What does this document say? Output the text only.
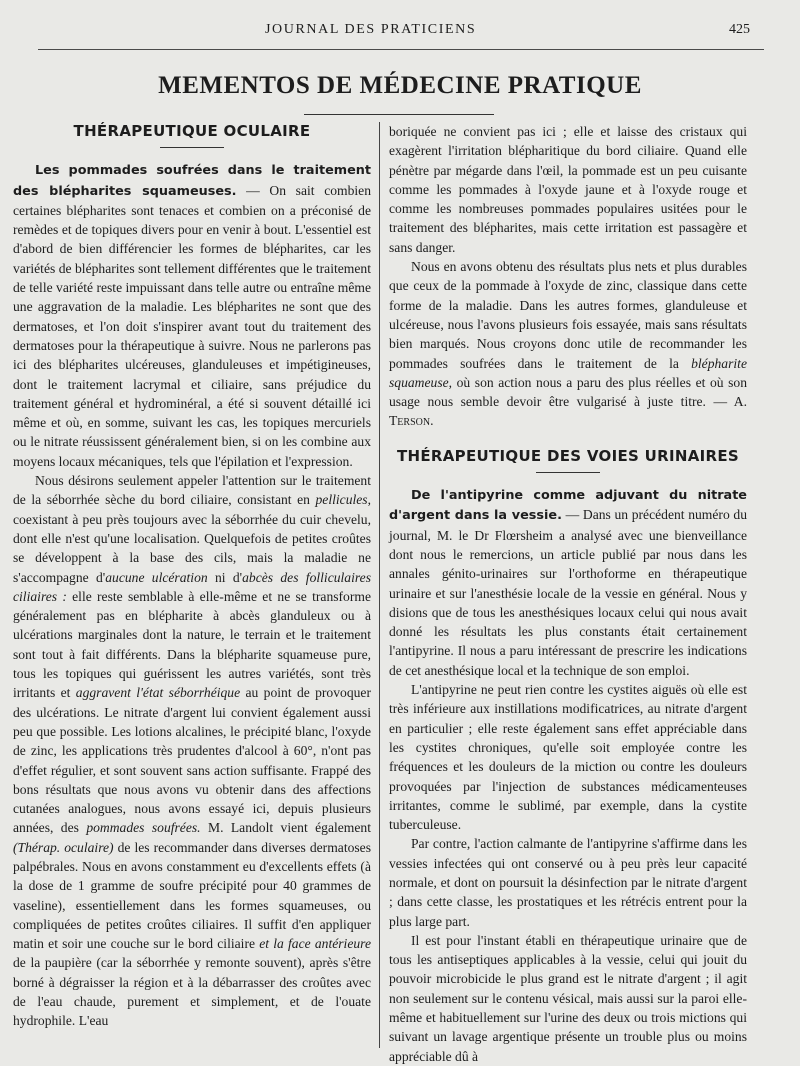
JOURNAL DES PRATICIENS	425
MEMENTOS DE MÉDECINE PRATIQUE
THÉRAPEUTIQUE OCULAIRE

Les pommades soufrées dans le traitement des blépharites squameuses. — On sait combien certaines blépharites sont tenaces et combien on a préconisé de remèdes et de topiques divers pour en venir à bout. L'essentiel est d'abord de bien différencier les formes de blépharites, car les variétés de blépharites sont tellement différentes que le traitement de telle variété reste impuissant dans telle autre ou entraîne même une aggravation de la maladie. Les blépharites ne sont que des dermatoses, et l'on doit s'inspirer avant tout du traitement des dermatoses pour la thérapeutique à suivre. Nous ne parlerons pas ici des blépharites ulcéreuses, glanduleuses et impétigineuses, dont le traitement lacrymal et ciliaire, sans préjudice du traitement général et hydrominéral, a été si souvent détaillé ici même et où, en somme, suivant les cas, les topiques mercuriels ou le nitrate réussissent généralement bien, si on les combine aux moyens locaux mécaniques, tels que l'épilation et l'expression.

Nous désirons seulement appeler l'attention sur le traitement de la séborrhée sèche du bord ciliaire, consistant en pellicules, coexistant à peu près toujours avec la séborrhée du cuir chevelu, dont elle n'est qu'une localisation. Quelquefois de petites croûtes se développent à la base des cils, mais la maladie ne s'accompagne d'aucune ulcération ni d'abcès des folliculaires ciliaires : elle reste semblable à elle-même et ne se transforme généralement pas en blépharite à abcès glanduleux ou à ulcérations marginales dont la nature, le terrain et le traitement sont tout à fait différents. Dans la blépharite squameuse pure, tous les topiques qui guérissent les autres variétés, sont très irritants et aggravent l'état séborrhéique au point de provoquer des ulcérations. Le nitrate d'argent lui convient également aussi peu que possible. Les lotions alcalines, le précipité blanc, l'oxyde de zinc, les applications très prudentes d'alcool à 60°, n'ont pas d'effet régulier, et sont souvent sans action suffisante. Frappé des bons résultats que nous avons vu obtenir dans des affections cutanées analogues, nous avons essayé ici, depuis plusieurs années, des pommades soufrées. M. Landolt vient également (Thérap. oculaire) de les recommander dans diverses dermatoses palpébrales. Nous en avons constamment eu d'excellents effets (à la dose de 1 gramme de soufre précipité pour 40 grammes de vaseline), essentiellement dans les formes squameuses, ou compliquées de petites croûtes ciliaires. Il suffit d'en appliquer matin et soir une couche sur le bord ciliaire et la face antérieure de la paupière (car la séborrhée y remonte souvent), après s'être borné à dégraisser la région et à la débarrasser des croûtes avec de l'eau chaude, purement et simplement, et de l'ouate hydrophile. L'eau

boriquée ne convient pas ici ; elle et laisse des cristaux qui exagèrent l'irritation blépharitique du bord ciliaire. Quand elle pénètre par mégarde dans l'œil, la pommade est un peu cuisante comme les pommades à l'oxyde jaune et à l'oxyde rouge et comme les nombreuses pommades populaires usitées pour le traitement des blépharites, mais cette irritation est passagère et sans danger.

Nous en avons obtenu des résultats plus nets et plus durables que ceux de la pommade à l'oxyde de zinc, classique dans cette forme de la maladie. Dans les autres formes, glanduleuse et ulcéreuse, nous l'avons plusieurs fois essayée, mais sans résultats bien marqués. Nous croyons donc utile de recommander les pommades soufrées dans le traitement de la blépharite squameuse, où son action nous a paru des plus réelles et où son usage nous semble devoir être vulgarisé à juste titre. — A. Terson.

THÉRAPEUTIQUE DES VOIES URINAIRES

De l'antipyrine comme adjuvant du nitrate d'argent dans la vessie. — Dans un précédent numéro du journal, M. le Dr Flœrsheim a analysé avec une bienveillance dont nous le remercions, un article publié par nous dans les annales génito-urinaires sur l'orthoforme en thérapeutique urinaire et sur l'anesthésie locale de la vessie en général. Nous y disions que de tous les anesthésiques locaux celui qui nous avait donné les résultats les plus constants était certainement l'antipyrine. Il nous a paru intéressant de prescrire les indications de cet anesthésique local et la technique de son emploi.

L'antipyrine ne peut rien contre les cystites aiguës où elle est très inférieure aux instillations modificatrices, au nitrate d'argent en particulier ; elle reste également sans effet appréciable dans les cystites chroniques, qu'elle soit employée contre les fréquences et les douleurs de la miction ou contre les douleurs provoquées par l'injection de substances médicamenteuses irritantes, comme le sublimé, par exemple, dans la cystite tuberculeuse.

Par contre, l'action calmante de l'antipyrine s'affirme dans les vessies infectées qui ont conservé ou à peu près leur capacité normale, et dont on poursuit la désinfection par le nitrate d'argent ; dans cette classe, les prostatiques et les rétrécis entrent pour la plus large part.

Il est pour l'instant établi en thérapeutique urinaire que de tous les antiseptiques applicables à la vessie, celui qui jouit du pouvoir microbicide le plus grand est le nitrate d'argent ; il agit non seulement sur le contenu vésical, mais aussi sur la paroi elle-même et habituellement sur l'urine des deux ou trois mictions qui suivant un lavage argentique présente un trouble plus ou moins appréciable dû à
